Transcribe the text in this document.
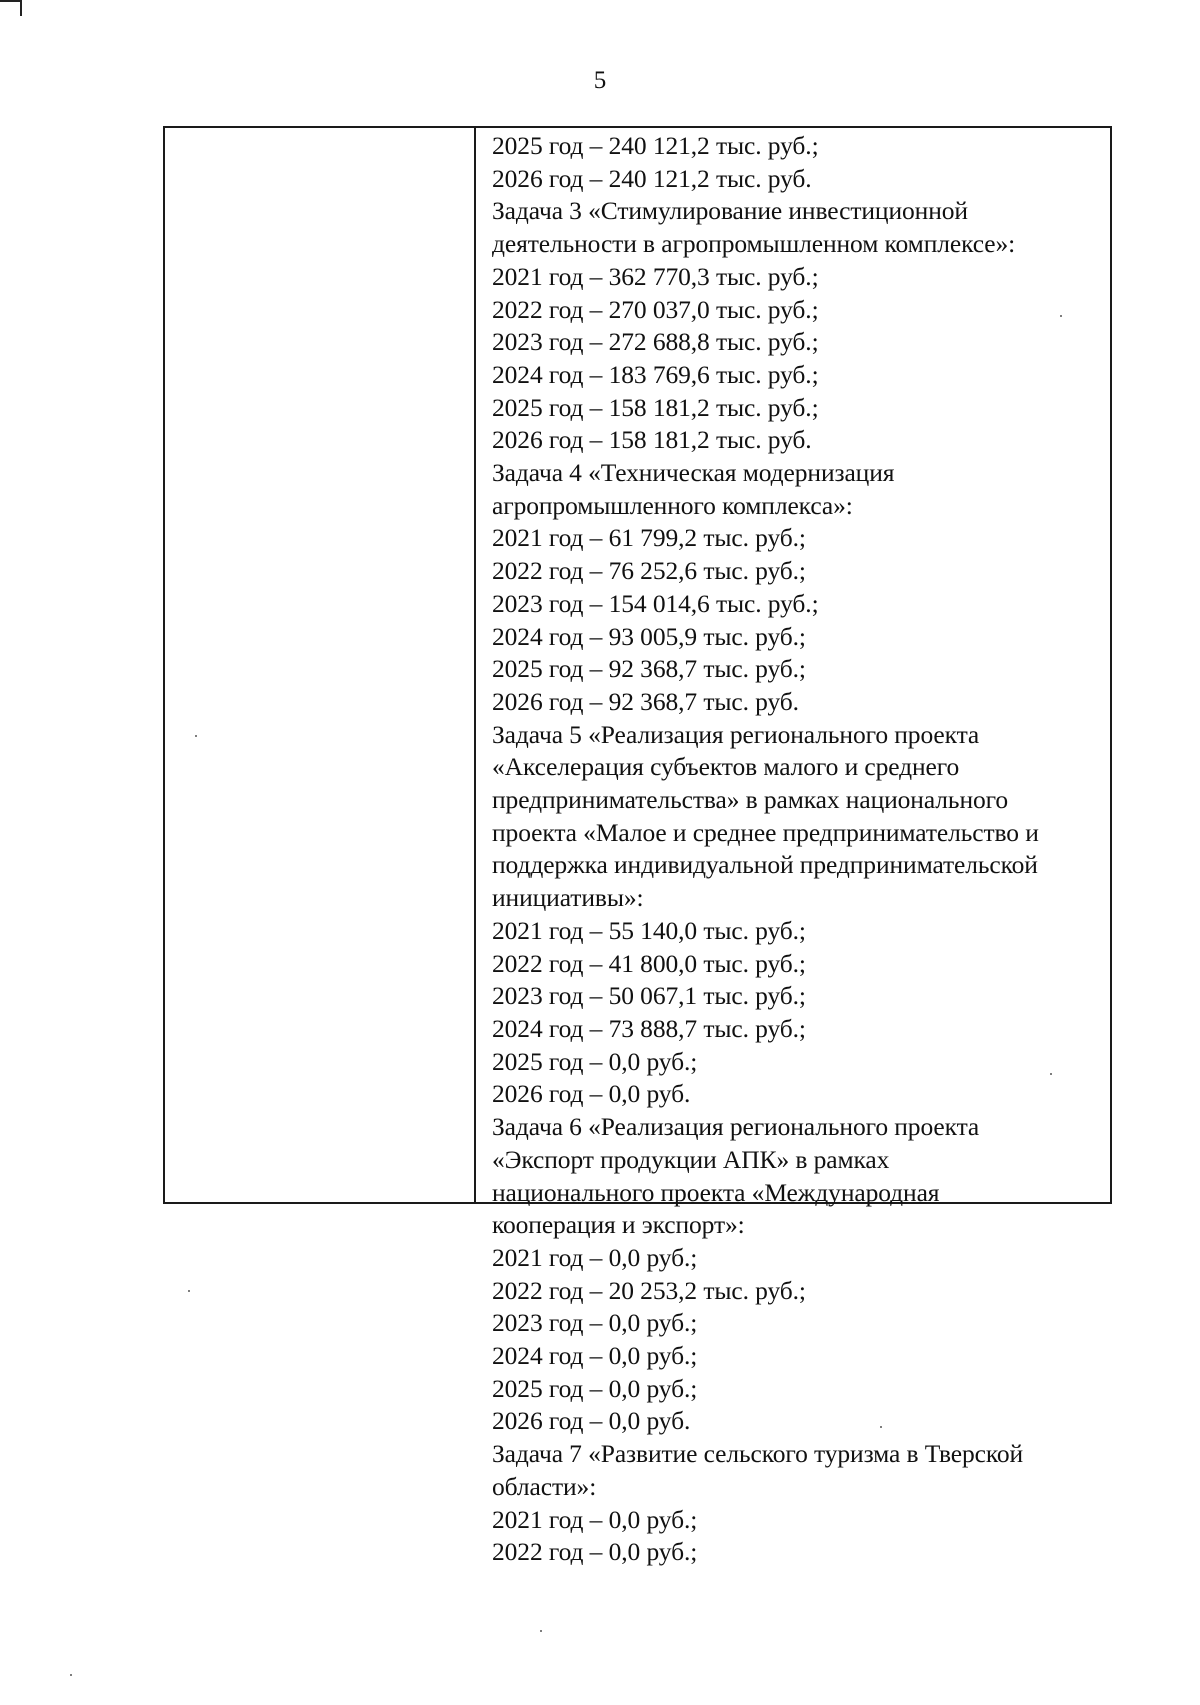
5
2025 год – 240 121,2 тыс. руб.;
2026 год – 240 121,2 тыс. руб.
Задача 3 «Стимулирование инвестиционной
деятельности в агропромышленном комплексе»:
2021 год – 362 770,3 тыс. руб.;
2022 год – 270 037,0 тыс. руб.;
2023 год – 272 688,8 тыс. руб.;
2024 год – 183 769,6 тыс. руб.;
2025 год – 158 181,2 тыс. руб.;
2026 год – 158 181,2 тыс. руб.
Задача 4 «Техническая модернизация
агропромышленного комплекса»:
2021 год – 61 799,2 тыс. руб.;
2022 год – 76 252,6 тыс. руб.;
2023 год – 154 014,6 тыс. руб.;
2024 год – 93 005,9 тыс. руб.;
2025 год – 92 368,7 тыс. руб.;
2026 год – 92 368,7 тыс. руб.
Задача 5 «Реализация регионального проекта
«Акселерация субъектов малого и среднего
предпринимательства» в рамках национального
проекта «Малое и среднее предпринимательство и
поддержка индивидуальной предпринимательской
инициативы»:
2021 год – 55 140,0 тыс. руб.;
2022 год – 41 800,0 тыс. руб.;
2023 год – 50 067,1 тыс. руб.;
2024 год – 73 888,7 тыс. руб.;
2025 год – 0,0 руб.;
2026 год – 0,0 руб.
Задача 6 «Реализация регионального проекта
«Экспорт продукции АПК» в рамках
национального проекта «Международная
кооперация и экспорт»:
2021 год – 0,0 руб.;
2022 год – 20 253,2 тыс. руб.;
2023 год – 0,0 руб.;
2024 год – 0,0 руб.;
2025 год – 0,0 руб.;
2026 год – 0,0 руб.
Задача 7 «Развитие сельского туризма в Тверской
области»:
2021 год – 0,0 руб.;
2022 год – 0,0 руб.;
